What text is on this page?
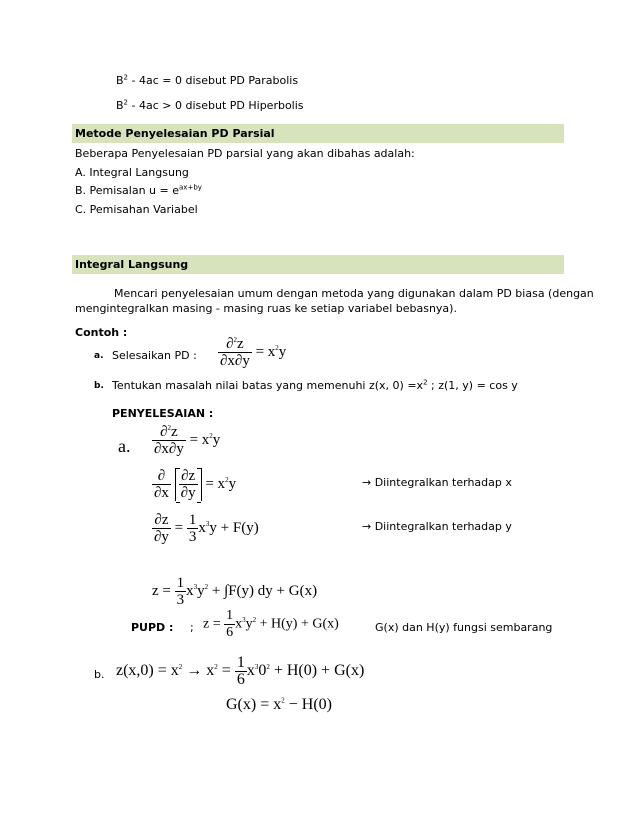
$B^2 - 4ac = 0$ disebut PD Parabolis
$B^2 - 4ac > 0$ disebut PD Hiperbolis
Metode Penyelesaian PD Parsial
Beberapa Penyelesaian PD parsial yang akan dibahas adalah:
A. Integral Langsung
B. Pemisalan $u = e^{ax+by}$
C. Pemisahan Variabel
Integral Langsung
Mencari penyelesaian umum dengan metoda yang digunakan dalam PD biasa (dengan
mengintegralkan masing - masing ruas ke setiap variabel bebasnya).
Contoh :
a. Selesaikan PD : $\frac{\partial^2z}{\partial x\partial y} = x^2y$
b. Tentukan masalah nilai batas yang memenuhi z(x, $0) =x^2$ ; z(1, y) = cos y
PENYELESAIAN :
a. $\frac{\partial^2z}{\partial x\partial y} = x^2y$
$\frac{\partial}{\partial x}$
$\frac{\partial z}{\partial y} = x^2y$	→ Diintegralkan terhadap x
$\frac{\partial z}{\partial y} = \frac{1}{3} x^3y + F(y)$	→ Diintegralkan terhadap y
$z = \frac{1}{3} x^3y^2 + \int F(y)$ dy + G(x)
PUPD : ; $z = \frac{1}{6} x^3y^2 + H(y) + G(x)$	G(x) dan H(y) fungsi sembarang
b. $z(x,0) = x^2 \to x^2 = \frac{1}{6} x^30^2 + H(0) + G(x)$
$G(x) = x^2 - H(0)$
